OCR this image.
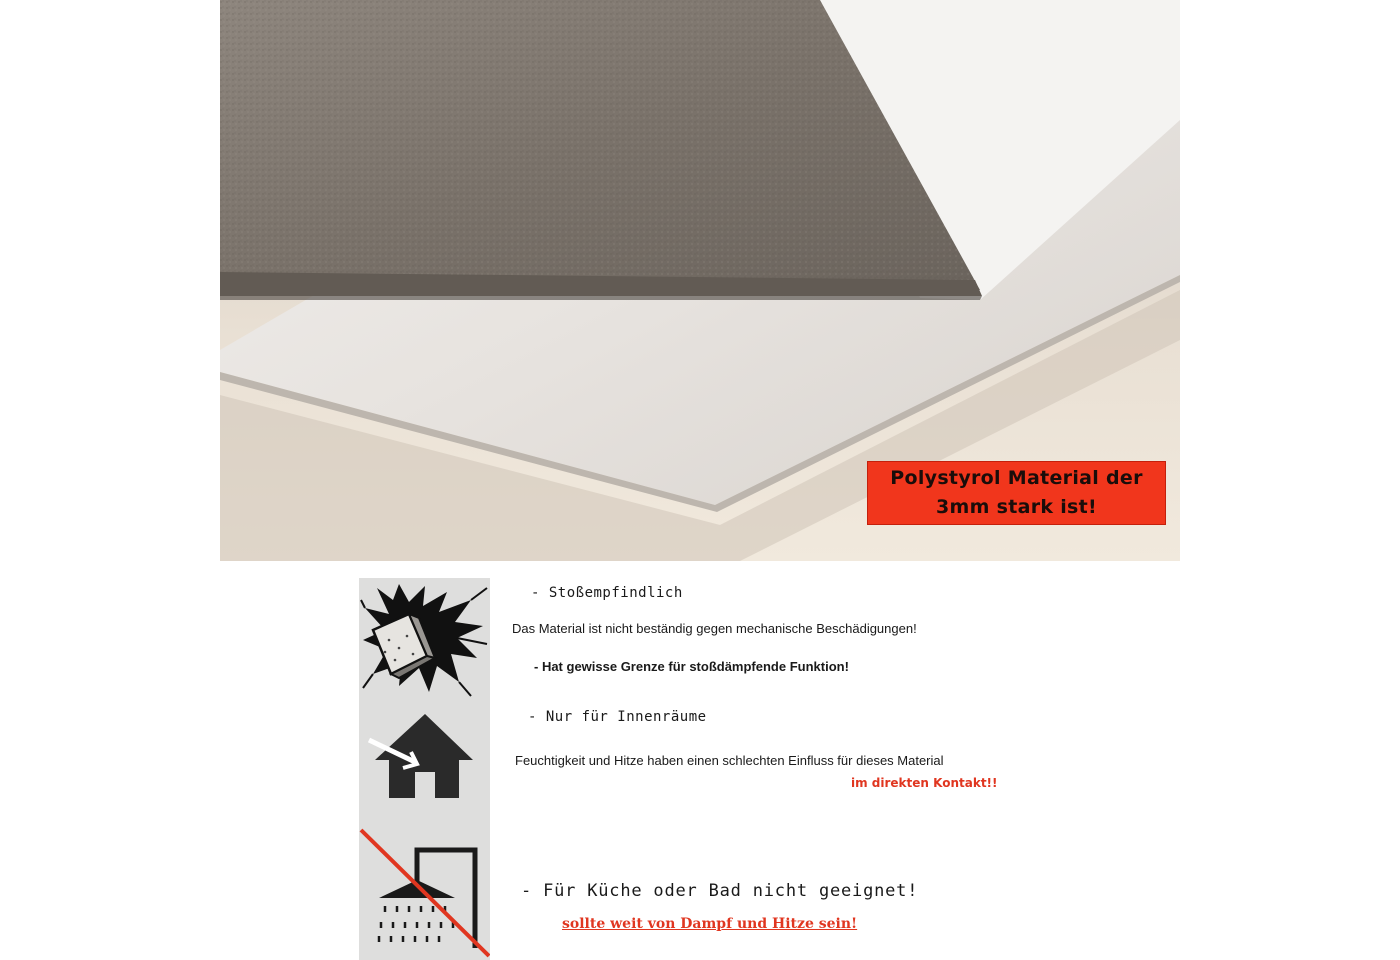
Polystyrol Material der
3mm stark ist!
- Stoßempfindlich
Das Material ist nicht beständig gegen mechanische Beschädigungen!
- Hat gewisse Grenze für stoßdämpfende Funktion!
- Nur für Innenräume
Feuchtigkeit und Hitze haben einen schlechten Einfluss für dieses Material
im direkten Kontakt!!
- Für Küche oder Bad nicht geeignet!
sollte weit von Dampf und Hitze sein!
